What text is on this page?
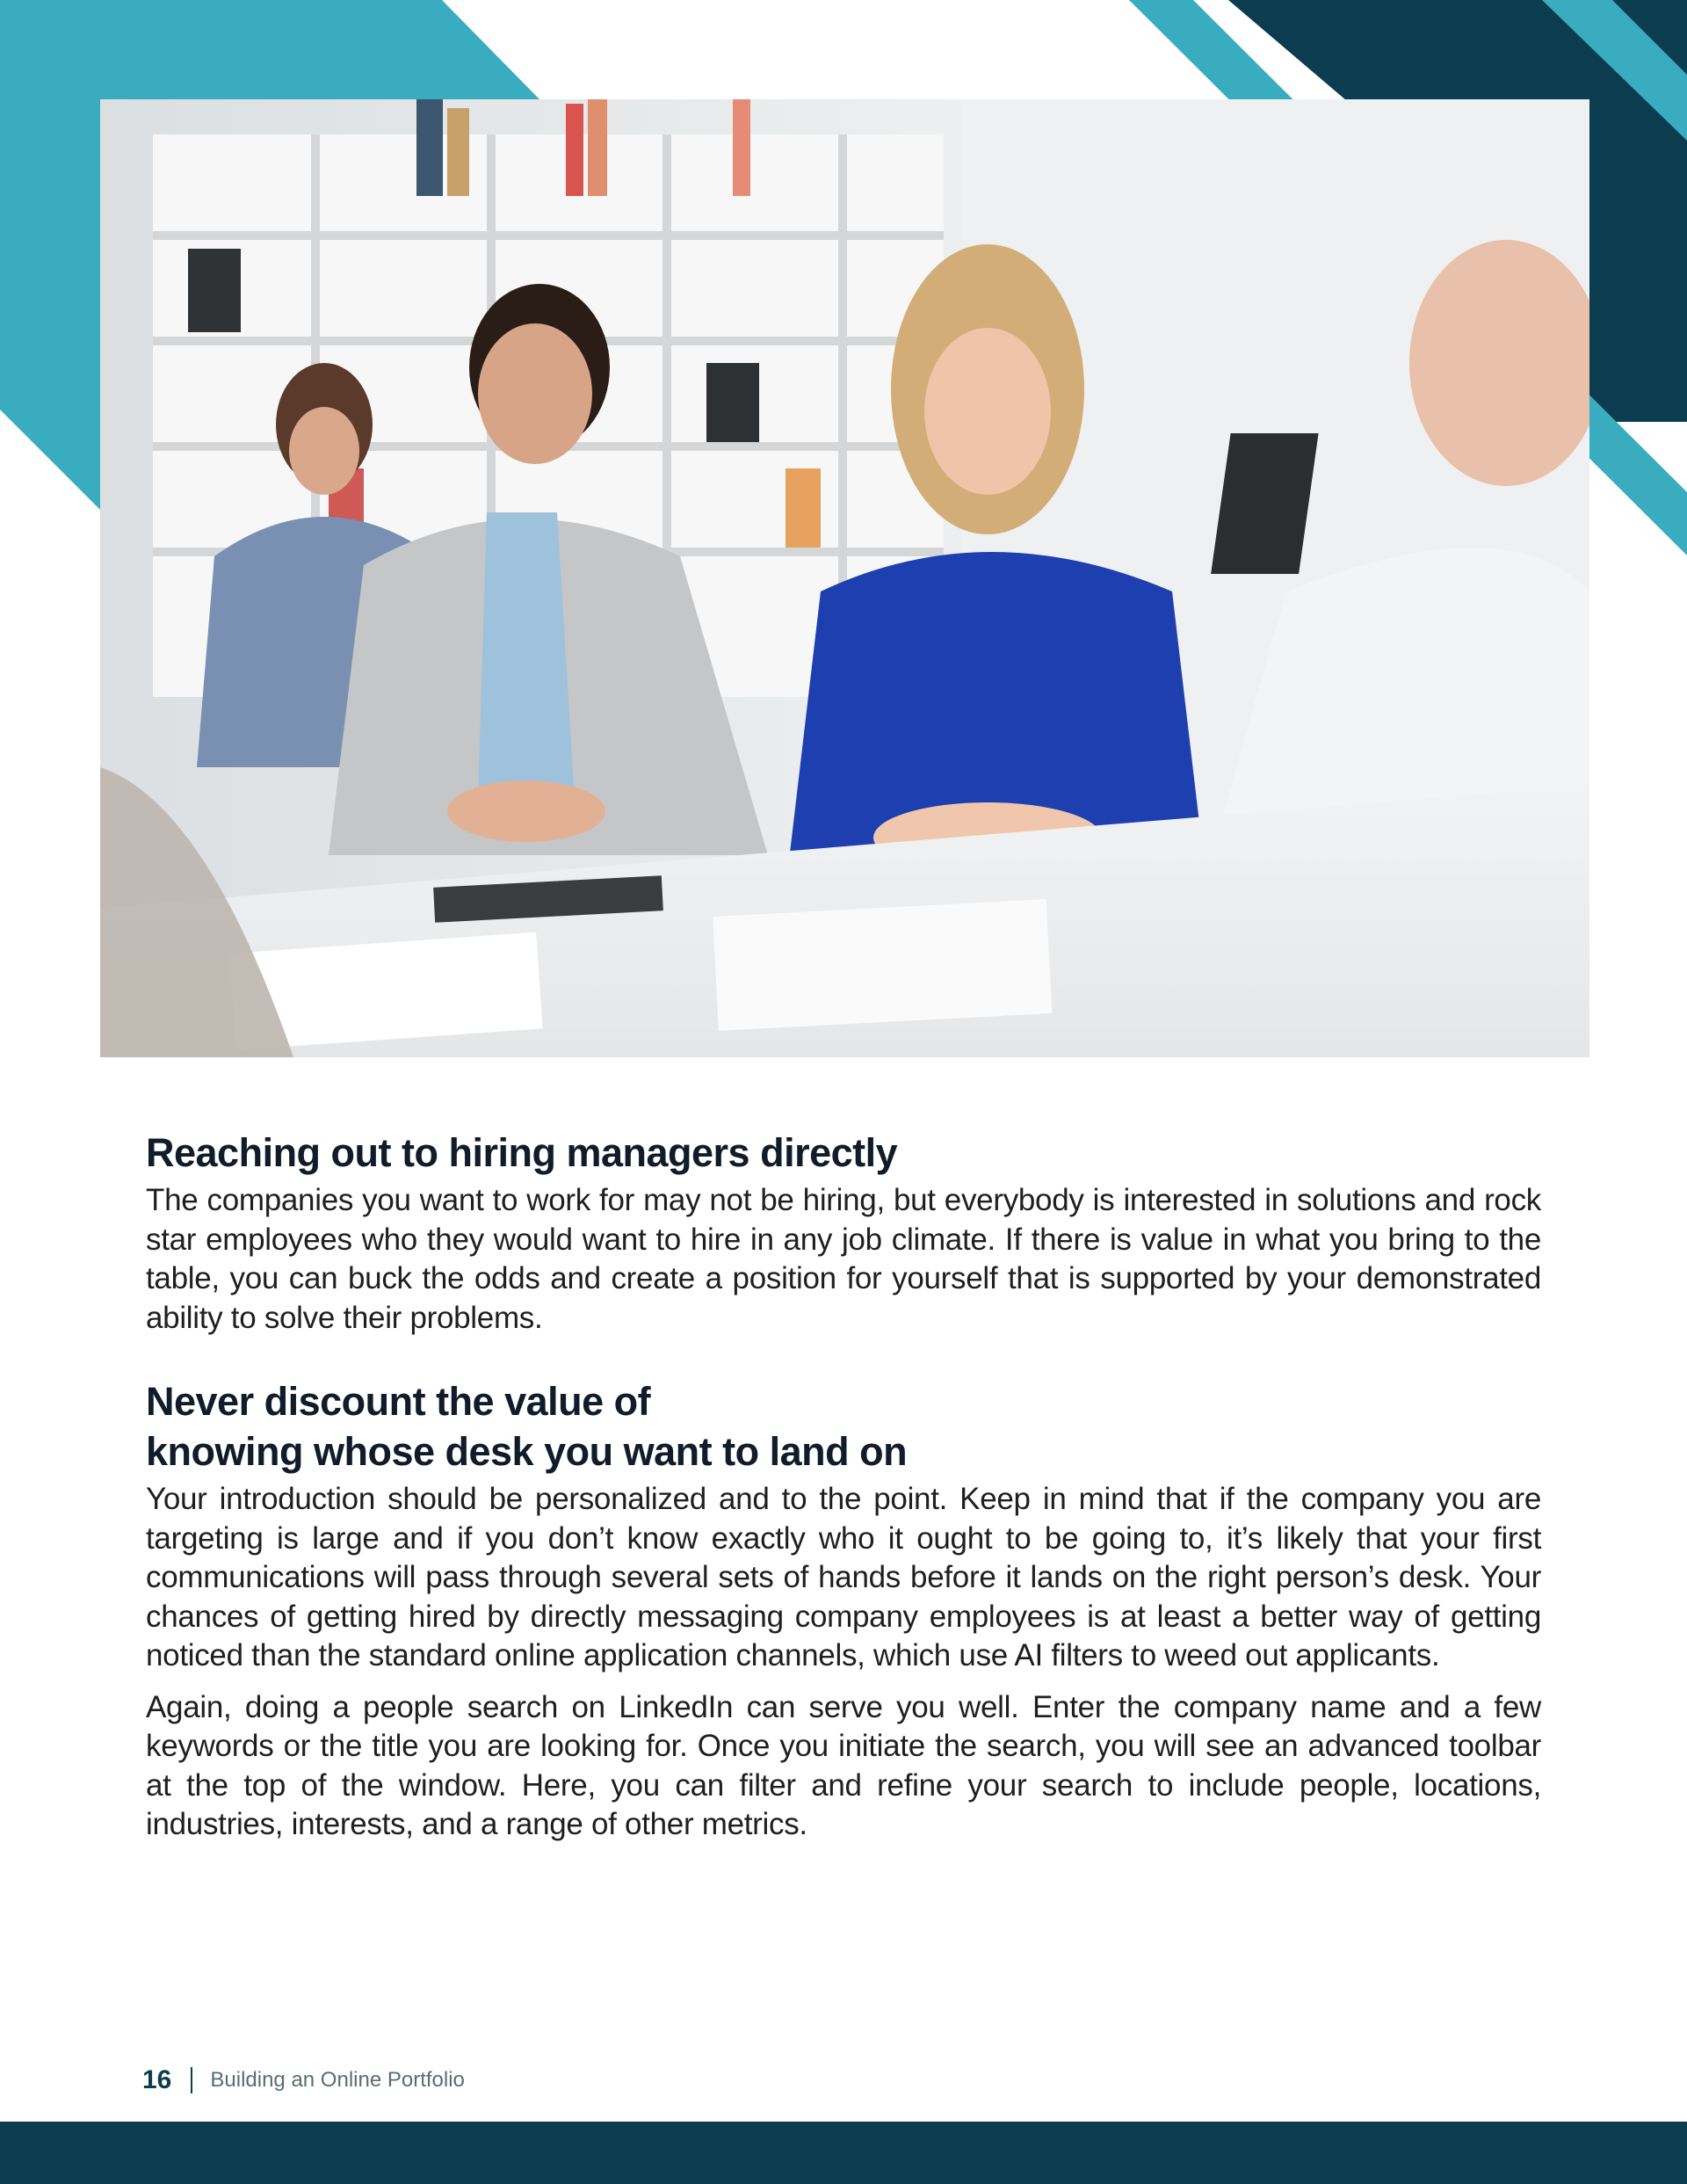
Reaching out to hiring managers directly

The companies you want to work for may not be hiring, but everybody is interested in solutions and rock star employees who they would want to hire in any job climate. If there is value in what you bring to the table, you can buck the odds and create a position for yourself that is supported by your demonstrated ability to solve their problems.

Never discount the value of
knowing whose desk you want to land on

Your introduction should be personalized and to the point. Keep in mind that if the company you are targeting is large and if you don’t know exactly who it ought to be going to, it’s likely that your first communications will pass through several sets of hands before it lands on the right person’s desk. Your chances of getting hired by directly messaging company employees is at least a better way of getting noticed than the standard online application channels, which use AI filters to weed out applicants.

Again, doing a people search on LinkedIn can serve you well. Enter the company name and a few keywords or the title you are looking for. Once you initiate the search, you will see an advanced toolbar at the top of the window. Here, you can filter and refine your search to include people, locations, industries, interests, and a range of other metrics.

16 Building an Online Portfolio
